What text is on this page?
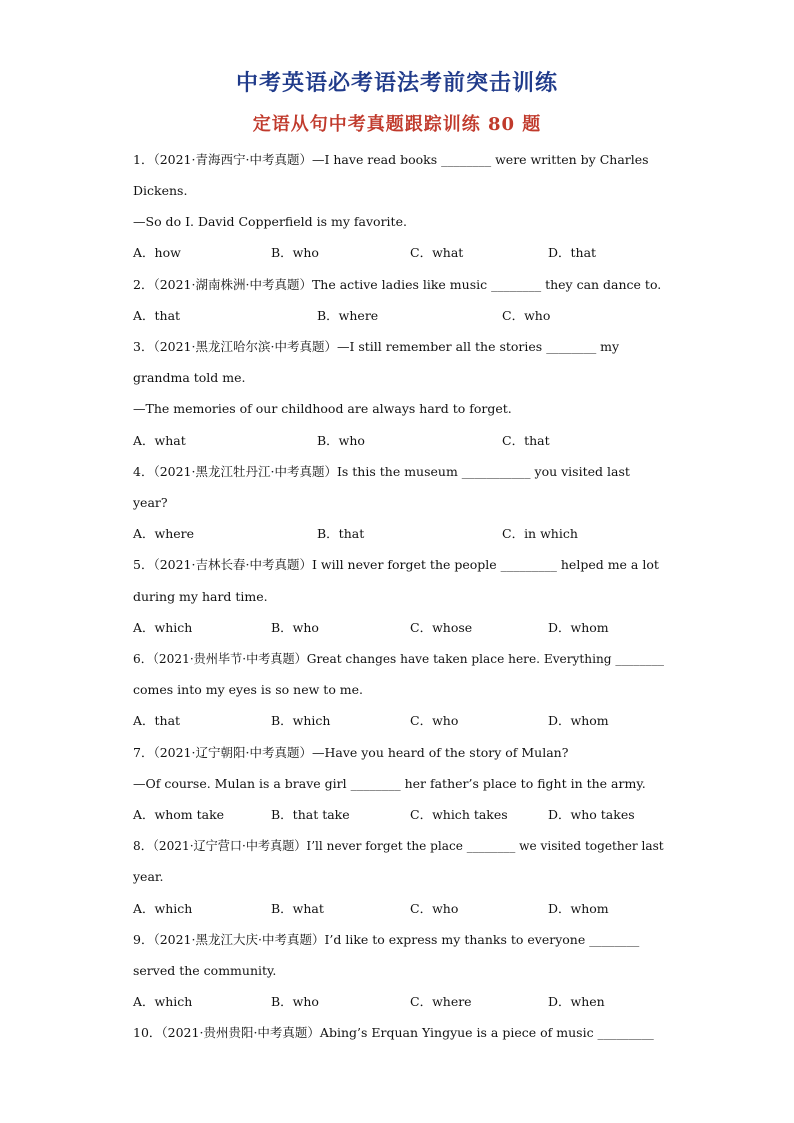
中考英语必考语法考前突击训练
定语从句中考真题跟踪训练 80 题
1．（2021·青海西宁·中考真题）—I have read books ________ were written by Charles
Dickens.
—So do I. David Copperfield is my favorite.
A．how	B．who	C．what	D．that
2．（2021·湖南株洲·中考真题）The active ladies like music ________ they can dance to.
A．that	B．where	C．who
3．（2021·黑龙江哈尔滨·中考真题）—I still remember all the stories ________ my
grandma told me.
—The memories of our childhood are always hard to forget.
A．what	B．who	C．that
4．（2021·黑龙江牡丹江·中考真题）Is this the museum ___________ you visited last
year?
A．where	B．that	C．in which
5．（2021·吉林长春·中考真题）I will never forget the people _________ helped me a lot
during my hard time.
A．which	B．who	C．whose	D．whom
6．（2021·贵州毕节·中考真题）Great changes have taken place here. Everything ________
comes into my eyes is so new to me.
A．that	B．which	C．who	D．whom
7．（2021·辽宁朝阳·中考真题）—Have you heard of the story of Mulan?
—Of course. Mulan is a brave girl ________ her father’s place to fight in the army.
A．whom take	B．that take	C．which takes	D．who takes
8．（2021·辽宁营口·中考真题）I’ll never forget the place ________ we visited together last
year.
A．which	B．what	C．who	D．whom
9．（2021·黑龙江大庆·中考真题）I’d like to express my thanks to everyone ________
served the community.
A．which	B．who	C．where	D．when
10．（2021·贵州贵阳·中考真题）Abing’s Erquan Yingyue is a piece of music _________
